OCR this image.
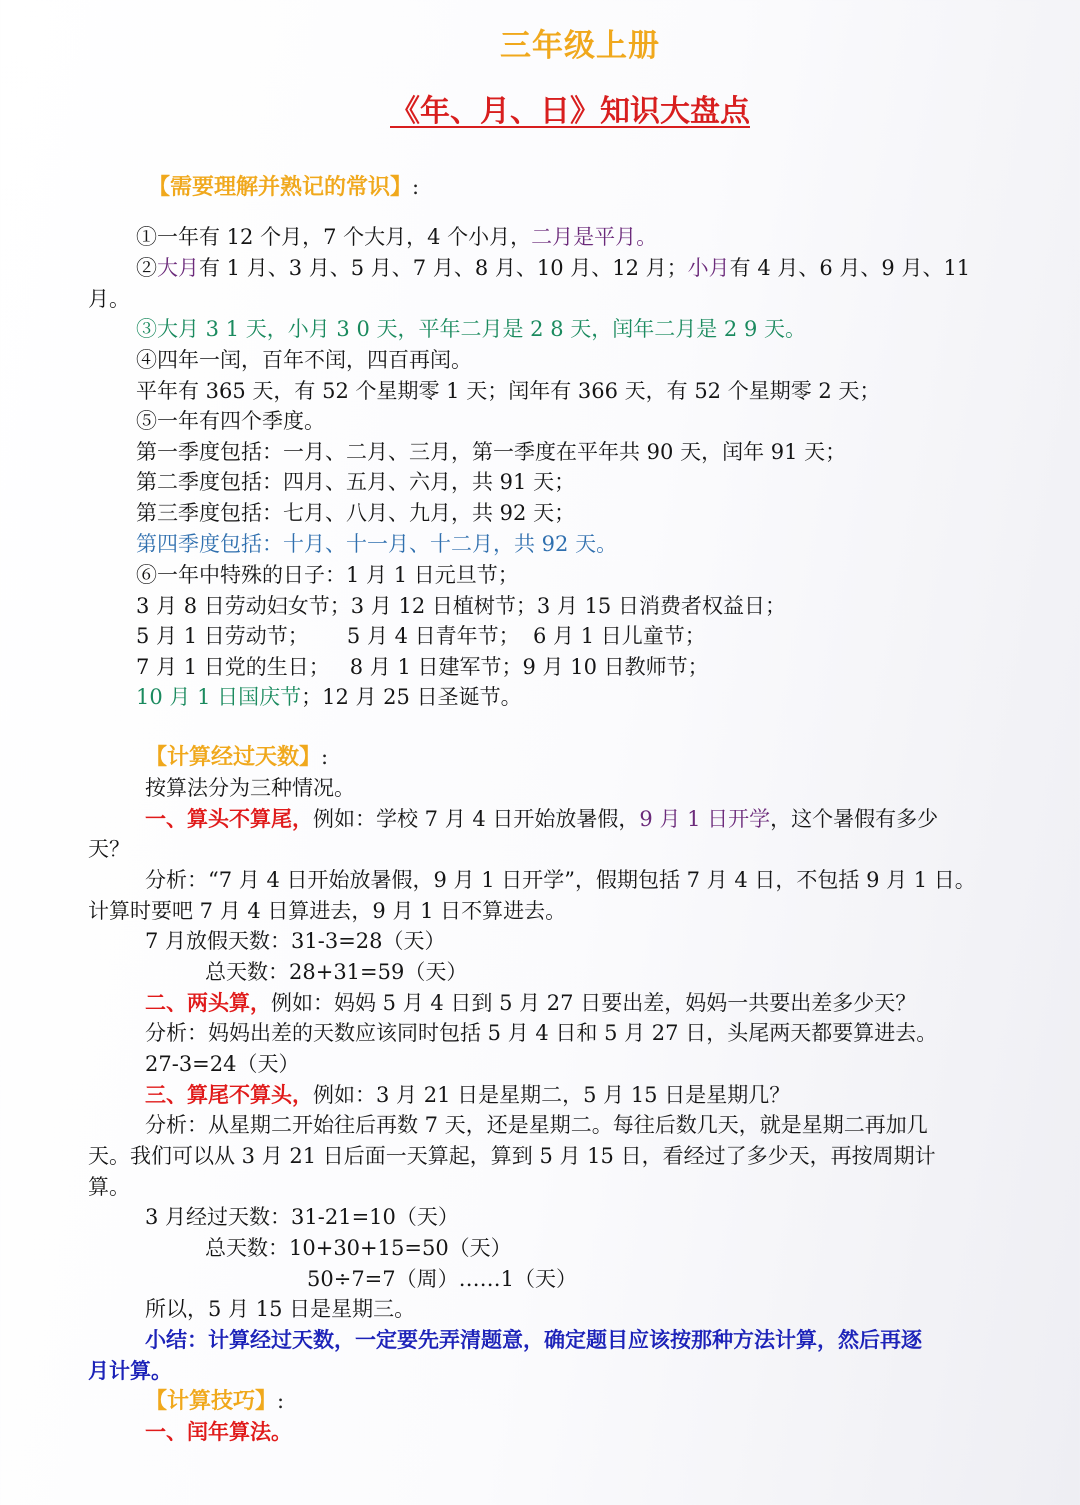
三年级上册
《年、月、日》知识大盘点
【需要理解并熟记的常识】:
①一年有 12 个月，7 个大月，4 个小月，二月是平月。
②大月有 1 月、3 月、5 月、7 月、8 月、10 月、12 月；小月有 4 月、6 月、9 月、11
月。
③大月 3 1 天，小月 3 0 天，平年二月是 2 8 天，闰年二月是 2 9 天。
④四年一闰，百年不闰，四百再闰。
平年有 365 天，有 52 个星期零 1 天；闰年有 366 天，有 52 个星期零 2 天；
⑤一年有四个季度。
第一季度包括：一月、二月、三月，第一季度在平年共 90 天，闰年 91 天；
第二季度包括：四月、五月、六月，共 91 天；
第三季度包括：七月、八月、九月，共 92 天；
第四季度包括：十月、十一月、十二月，共 92 天。
⑥一年中特殊的日子：1 月 1 日元旦节；
3 月 8 日劳动妇女节；3 月 12 日植树节；3 月 15 日消费者权益日；
5 月 1 日劳动节；　　 5 月 4 日青年节；  6 月 1 日儿童节；
7 月 1 日党的生日；   8 月 1 日建军节；9 月 10 日教师节；
10 月 1 日国庆节；12 月 25 日圣诞节。
【计算经过天数】:
按算法分为三种情况。
一、算头不算尾，例如：学校 7 月 4 日开始放暑假，9 月 1 日开学，这个暑假有多少
天？
分析：“7 月 4 日开始放暑假，9 月 1 日开学”，假期包括 7 月 4 日，不包括 9 月 1 日。
计算时要吧 7 月 4 日算进去，9 月 1 日不算进去。
7 月放假天数：31-3=28（天）
总天数：28+31=59（天）
二、两头算，例如：妈妈 5 月 4 日到 5 月 27 日要出差，妈妈一共要出差多少天？
分析：妈妈出差的天数应该同时包括 5 月 4 日和 5 月 27 日，头尾两天都要算进去。
27-3=24（天）
三、算尾不算头，例如：3 月 21 日是星期二，5 月 15 日是星期几？
分析：从星期二开始往后再数 7 天，还是星期二。每往后数几天，就是星期二再加几
天。我们可以从 3 月 21 日后面一天算起，算到 5 月 15 日，看经过了多少天，再按周期计
算。
3 月经过天数：31-21=10（天）
总天数：10+30+15=50（天）
50÷7=7（周）……1（天）
所以，5 月 15 日是星期三。
小结：计算经过天数，一定要先弄清题意，确定题目应该按那种方法计算，然后再逐
月计算。
【计算技巧】:
一、闰年算法。
